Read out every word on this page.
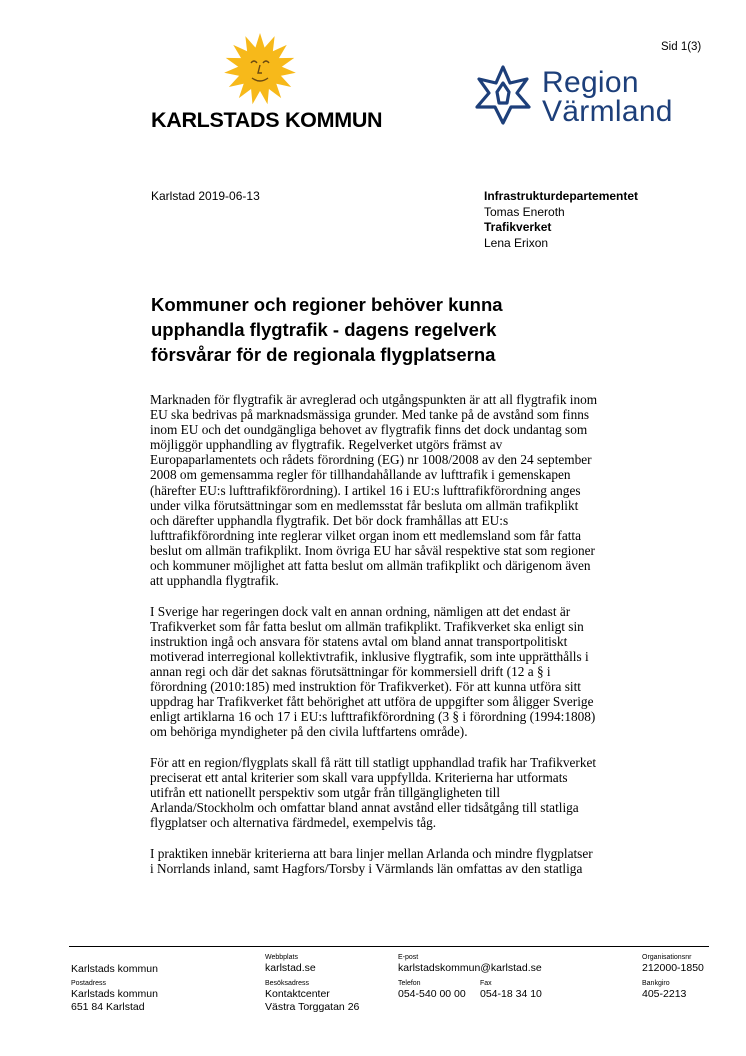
Sid 1(3)
KARLSTADS KOMMUN
Region
Värmland
Karlstad 2019-06-13	Infrastrukturdepartementet
Tomas Eneroth
Trafikverket
Lena Erixon
Kommuner och regioner behöver kunna
upphandla flygtrafik - dagens regelverk
försvårar för de regionala flygplatserna

Marknaden för flygtrafik är avreglerad och utgångspunkten är att all flygtrafik inom
EU ska bedrivas på marknadsmässiga grunder. Med tanke på de avstånd som finns
inom EU och det oundgängliga behovet av flygtrafik finns det dock undantag som
möjliggör upphandling av flygtrafik. Regelverket utgörs främst av
Europaparlamentets och rådets förordning (EG) nr 1008/2008 av den 24 september
2008 om gemensamma regler för tillhandahållande av lufttrafik i gemenskapen
(härefter EU:s lufttrafikförordning). I artikel 16 i EU:s lufttrafikförordning anges
under vilka förutsättningar som en medlemsstat får besluta om allmän trafikplikt
och därefter upphandla flygtrafik. Det bör dock framhållas att EU:s
lufttrafikförordning inte reglerar vilket organ inom ett medlemsland som får fatta
beslut om allmän trafikplikt. Inom övriga EU har såväl respektive stat som regioner
och kommuner möjlighet att fatta beslut om allmän trafikplikt och därigenom även
att upphandla flygtrafik.

I Sverige har regeringen dock valt en annan ordning, nämligen att det endast är
Trafikverket som får fatta beslut om allmän trafikplikt. Trafikverket ska enligt sin
instruktion ingå och ansvara för statens avtal om bland annat transportpolitiskt
motiverad interregional kollektivtrafik, inklusive flygtrafik, som inte upprätthålls i
annan regi och där det saknas förutsättningar för kommersiell drift (12 a § i
förordning (2010:185) med instruktion för Trafikverket). För att kunna utföra sitt
uppdrag har Trafikverket fått behörighet att utföra de uppgifter som åligger Sverige
enligt artiklarna 16 och 17 i EU:s lufttrafikförordning (3 § i förordning (1994:1808)
om behöriga myndigheter på den civila luftfartens område).

För att en region/flygplats skall få rätt till statligt upphandlad trafik har Trafikverket
preciserat ett antal kriterier som skall vara uppfyllda. Kriterierna har utformats
utifrån ett nationellt perspektiv som utgår från tillgängligheten till
Arlanda/Stockholm och omfattar bland annat avstånd eller tidsåtgång till statliga
flygplatser och alternativa färdmedel, exempelvis tåg.

I praktiken innebär kriterierna att bara linjer mellan Arlanda och mindre flygplatser
i Norrlands inland, samt Hagfors/Torsby i Värmlands län omfattas av den statliga

Karlstads kommun
Webbplats
karlstad.se
E-post
karlstadskommun@karlstad.se
Organisationsnr
212000-1850
Postadress
Karlstads kommun
651 84 Karlstad
Besöksadress
Kontaktcenter
Västra Torggatan 26
Telefon
054-540 00 00
Fax
054-18 34 10
Bankgiro
405-2213
